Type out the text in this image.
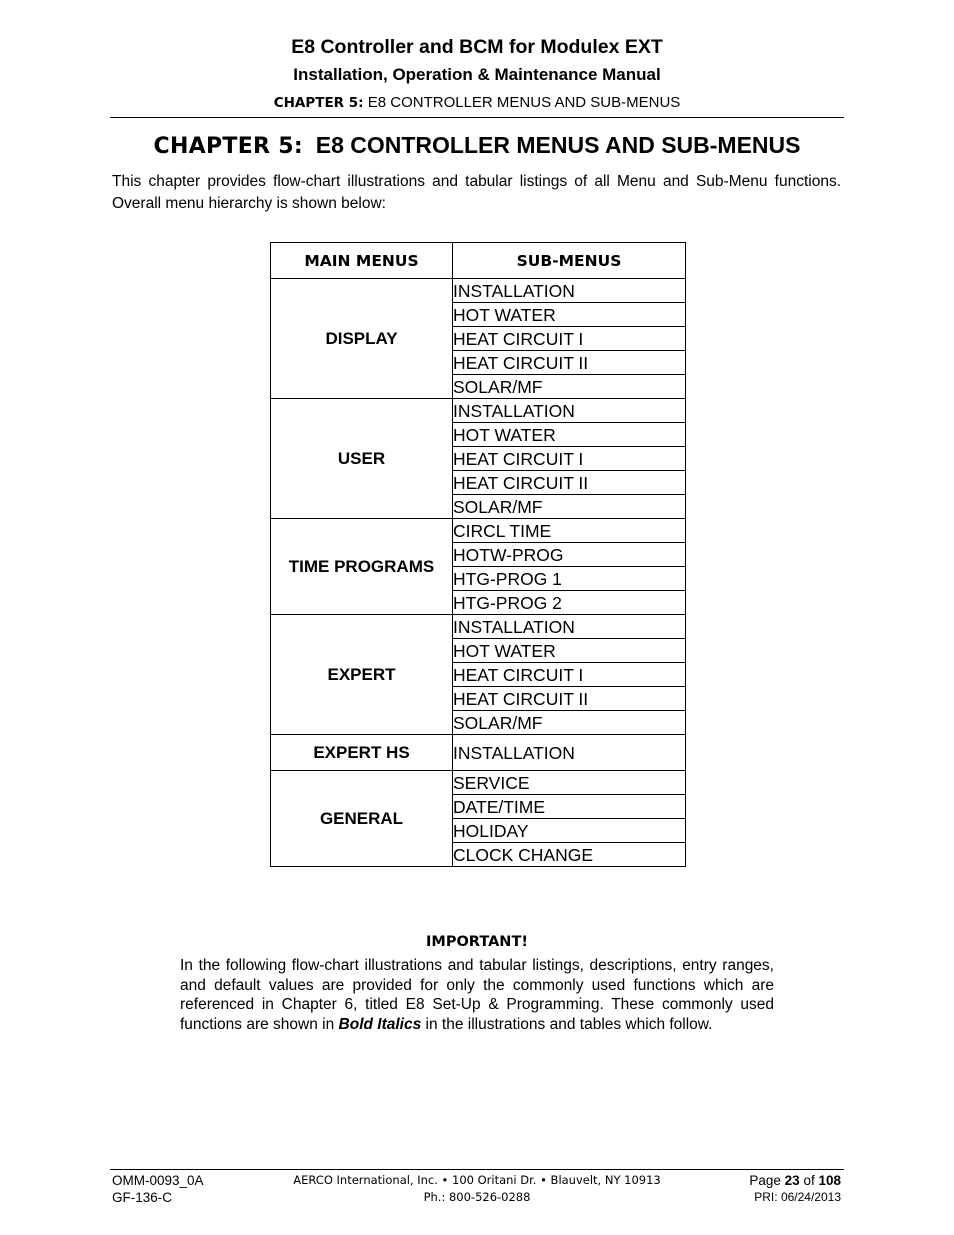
E8 Controller and BCM for Modulex EXT
Installation, Operation & Maintenance Manual
CHAPTER 5: E8 CONTROLLER MENUS AND SUB-MENUS
CHAPTER 5: E8 CONTROLLER MENUS AND SUB-MENUS
This chapter provides flow-chart illustrations and tabular listings of all Menu and Sub-Menu functions. Overall menu hierarchy is shown below:
MAIN MENUS	SUB-MENUS
DISPLAY	INSTALLATION
	HOT WATER
	HEAT CIRCUIT I
	HEAT CIRCUIT II
	SOLAR/MF
USER	INSTALLATION
	HOT WATER
	HEAT CIRCUIT I
	HEAT CIRCUIT II
	SOLAR/MF
TIME PROGRAMS	CIRCL TIME
	HOTW-PROG
	HTG-PROG 1
	HTG-PROG 2
EXPERT	INSTALLATION
	HOT WATER
	HEAT CIRCUIT I
	HEAT CIRCUIT II
	SOLAR/MF
EXPERT HS	INSTALLATION
GENERAL	SERVICE
	DATE/TIME
	HOLIDAY
	CLOCK CHANGE
IMPORTANT!
In the following flow-chart illustrations and tabular listings, descriptions, entry ranges, and default values are provided for only the commonly used functions which are referenced in Chapter 6, titled E8 Set-Up & Programming. These commonly used functions are shown in Bold Italics in the illustrations and tables which follow.
OMM-0093_0A
GF-136-C
AERCO International, Inc. • 100 Oritani Dr. • Blauvelt, NY 10913
Ph.: 800-526-0288
Page 23 of 108
PRI: 06/24/2013
